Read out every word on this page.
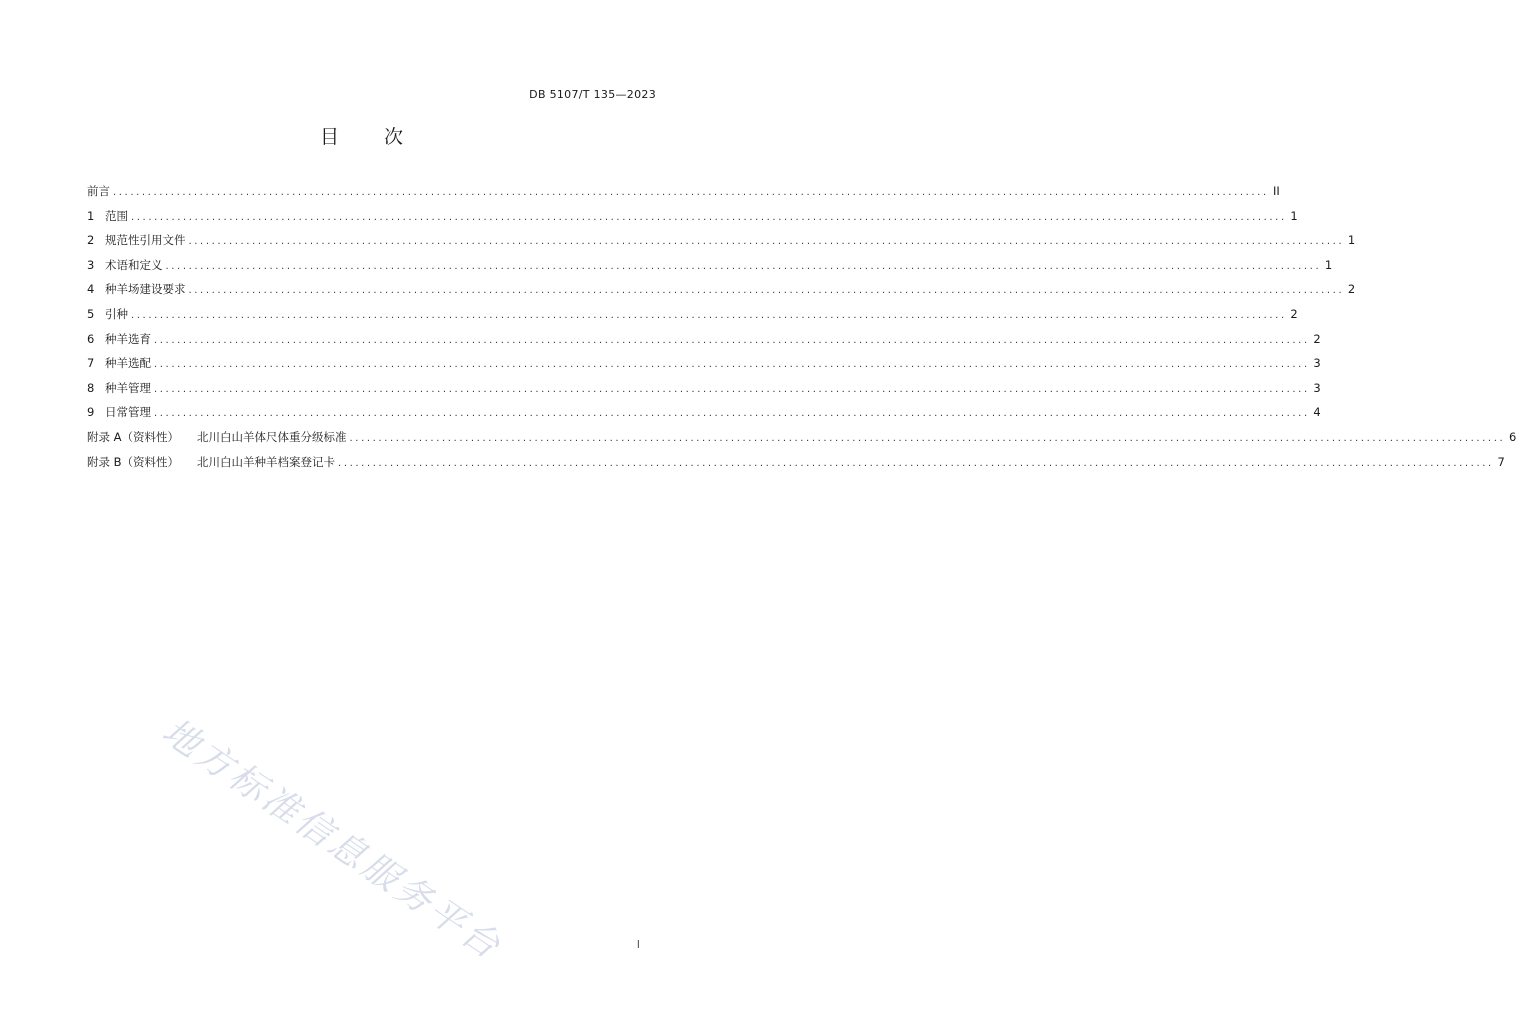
DB 5107/T 135—2023
目 次
前言 ........................................................................................................................................................................................................ II
1 范围 ........................................................................................................................................................................................................ 1
2 规范性引用文件 ........................................................................................................................................................................................................ 1
3 术语和定义 ........................................................................................................................................................................................................ 1
4 种羊场建设要求 ........................................................................................................................................................................................................ 2
5 引种 ........................................................................................................................................................................................................ 2
6 种羊选育 ........................................................................................................................................................................................................ 2
7 种羊选配 ........................................................................................................................................................................................................ 3
8 种羊管理 ........................................................................................................................................................................................................ 3
9 日常管理 ........................................................................................................................................................................................................ 4
附录 A（资料性） 北川白山羊体尺体重分级标准 ........................................................................................................................................................................................................ 6
附录 B（资料性） 北川白山羊种羊档案登记卡 ........................................................................................................................................................................................................ 7
地方标准信息服务平台	I
